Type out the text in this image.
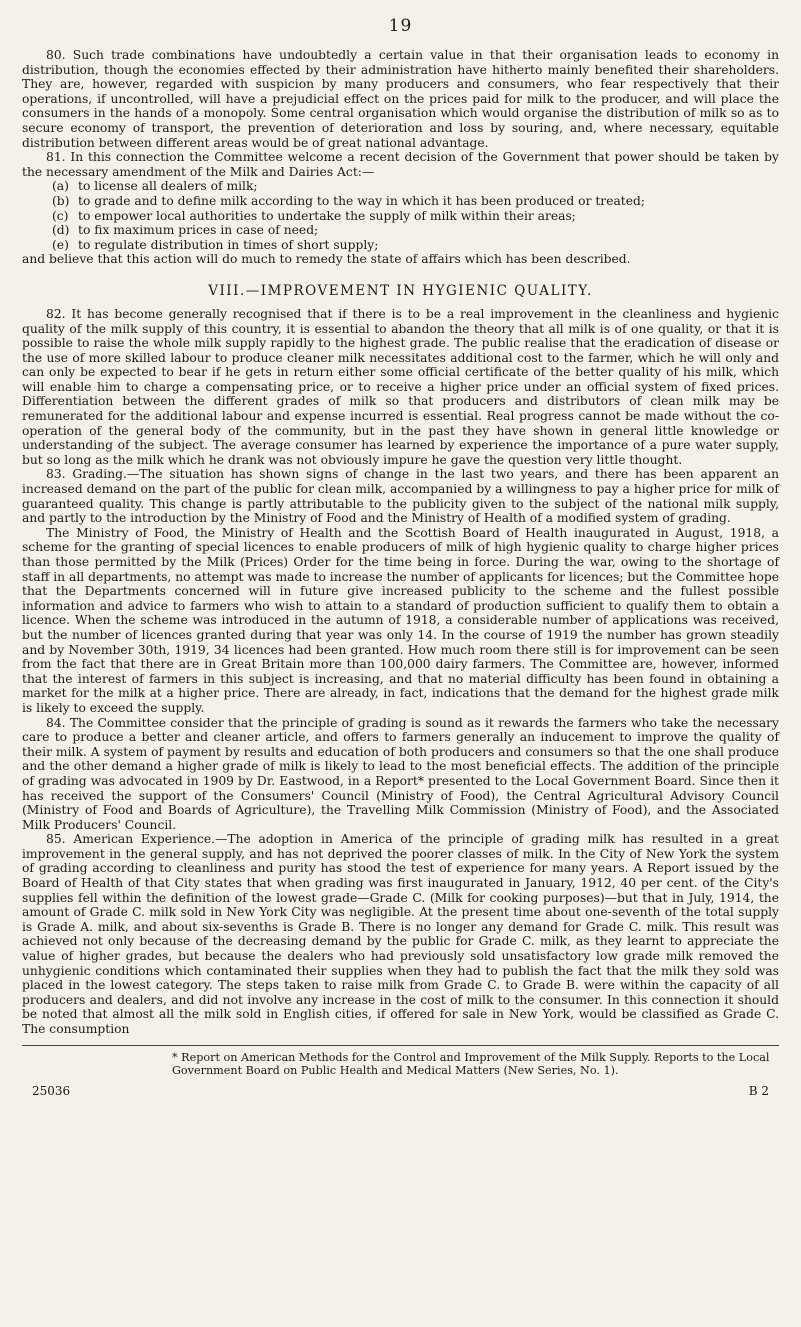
19

80. Such trade combinations have undoubtedly a certain value in that their organisation leads to economy in distribution, though the economies effected by their administration have hitherto mainly benefited their shareholders. They are, however, regarded with suspicion by many producers and consumers, who fear respectively that their operations, if uncontrolled, will have a prejudicial effect on the prices paid for milk to the producer, and will place the consumers in the hands of a monopoly. Some central organisation which would organise the distribution of milk so as to secure economy of transport, the prevention of deterioration and loss by souring, and, where necessary, equitable distribution between different areas would be of great national advantage.

81. In this connection the Committee welcome a recent decision of the Government that power should be taken by the necessary amendment of the Milk and Dairies Act:—

(a) to license all dealers of milk;
(b) to grade and to define milk according to the way in which it has been produced or treated;
(c) to empower local authorities to undertake the supply of milk within their areas;
(d) to fix maximum prices in case of need;
(e) to regulate distribution in times of short supply;

and believe that this action will do much to remedy the state of affairs which has been described.

VIII.—IMPROVEMENT IN HYGIENIC QUALITY.

82. It has become generally recognised that if there is to be a real improvement in the cleanliness and hygienic quality of the milk supply of this country, it is essential to abandon the theory that all milk is of one quality, or that it is possible to raise the whole milk supply rapidly to the highest grade. The public realise that the eradication of disease or the use of more skilled labour to produce cleaner milk necessitates additional cost to the farmer, which he will only and can only be expected to bear if he gets in return either some official certificate of the better quality of his milk, which will enable him to charge a compensating price, or to receive a higher price under an official system of fixed prices. Differentiation between the different grades of milk so that producers and distributors of clean milk may be remunerated for the additional labour and expense incurred is essential. Real progress cannot be made without the co-operation of the general body of the community, but in the past they have shown in general little knowledge or understanding of the subject. The average consumer has learned by experience the importance of a pure water supply, but so long as the milk which he drank was not obviously impure he gave the question very little thought.

83. Grading.—The situation has shown signs of change in the last two years, and there has been apparent an increased demand on the part of the public for clean milk, accompanied by a willingness to pay a higher price for milk of guaranteed quality. This change is partly attributable to the publicity given to the subject of the national milk supply, and partly to the introduction by the Ministry of Food and the Ministry of Health of a modified system of grading.

The Ministry of Food, the Ministry of Health and the Scottish Board of Health inaugurated in August, 1918, a scheme for the granting of special licences to enable producers of milk of high hygienic quality to charge higher prices than those permitted by the Milk (Prices) Order for the time being in force. During the war, owing to the shortage of staff in all departments, no attempt was made to increase the number of applicants for licences; but the Committee hope that the Departments concerned will in future give increased publicity to the scheme and the fullest possible information and advice to farmers who wish to attain to a standard of production sufficient to qualify them to obtain a licence. When the scheme was introduced in the autumn of 1918, a considerable number of applications was received, but the number of licences granted during that year was only 14. In the course of 1919 the number has grown steadily and by November 30th, 1919, 34 licences had been granted. How much room there still is for improvement can be seen from the fact that there are in Great Britain more than 100,000 dairy farmers. The Committee are, however, informed that the interest of farmers in this subject is increasing, and that no material difficulty has been found in obtaining a market for the milk at a higher price. There are already, in fact, indications that the demand for the highest grade milk is likely to exceed the supply.

84. The Committee consider that the principle of grading is sound as it rewards the farmers who take the necessary care to produce a better and cleaner article, and offers to farmers generally an inducement to improve the quality of their milk. A system of payment by results and education of both producers and consumers so that the one shall produce and the other demand a higher grade of milk is likely to lead to the most beneficial effects. The addition of the principle of grading was advocated in 1909 by Dr. Eastwood, in a Report* presented to the Local Government Board. Since then it has received the support of the Consumers' Council (Ministry of Food), the Central Agricultural Advisory Council (Ministry of Food and Boards of Agriculture), the Travelling Milk Commission (Ministry of Food), and the Associated Milk Producers' Council.

85. American Experience.—The adoption in America of the principle of grading milk has resulted in a great improvement in the general supply, and has not deprived the poorer classes of milk. In the City of New York the system of grading according to cleanliness and purity has stood the test of experience for many years. A Report issued by the Board of Health of that City states that when grading was first inaugurated in January, 1912, 40 per cent. of the City's supplies fell within the definition of the lowest grade—Grade C. (Milk for cooking purposes)—but that in July, 1914, the amount of Grade C. milk sold in New York City was negligible. At the present time about one-seventh of the total supply is Grade A. milk, and about six-sevenths is Grade B. There is no longer any demand for Grade C. milk. This result was achieved not only because of the decreasing demand by the public for Grade C. milk, as they learnt to appreciate the value of higher grades, but because the dealers who had previously sold unsatisfactory low grade milk removed the unhygienic conditions which contaminated their supplies when they had to publish the fact that the milk they sold was placed in the lowest category. The steps taken to raise milk from Grade C. to Grade B. were within the capacity of all producers and dealers, and did not involve any increase in the cost of milk to the consumer. In this connection it should be noted that almost all the milk sold in English cities, if offered for sale in New York, would be classified as Grade C. The consumption

* Report on American Methods for the Control and Improvement of the Milk Supply. Reports to the Local Government Board on Public Health and Medical Matters (New Series, No. 1).

25036	B 2
